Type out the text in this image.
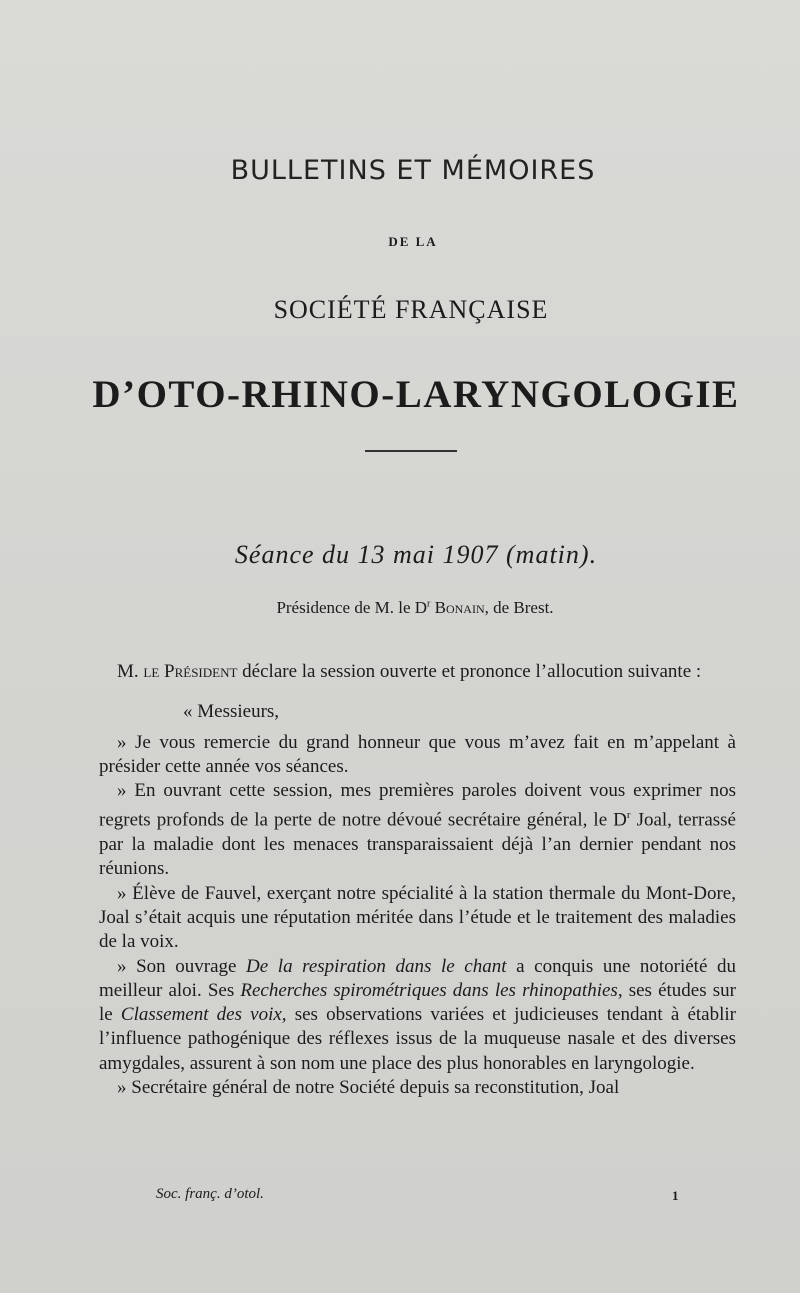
BULLETINS ET MÉMOIRES
DE LA
SOCIÉTÉ FRANÇAISE
D’OTO-RHINO-LARYNGOLOGIE
Séance du 13 mai 1907 (matin).
Présidence de M. le $D^r$ Bonain, de Brest.

M. le Président déclare la session ouverte et prononce l’allocution suivante :

« Messieurs,

» Je vous remercie du grand honneur que vous m’avez fait en m’appelant à présider cette année vos séances.

» En ouvrant cette session, mes premières paroles doivent vous exprimer nos regrets profonds de la perte de notre dévoué secrétaire général, le $D^r$ Joal, terrassé par la maladie dont les menaces transparaissaient déjà l’an dernier pendant nos réunions.

» Élève de Fauvel, exerçant notre spécialité à la station thermale du Mont-Dore, Joal s’était acquis une réputation méritée dans l’étude et le traitement des maladies de la voix.

» Son ouvrage De la respiration dans le chant a conquis une notoriété du meilleur aloi. Ses Recherches spirométriques dans les rhinopathies, ses études sur le Classement des voix, ses observations variées et judicieuses tendant à établir l’influence pathogénique des réflexes issus de la muqueuse nasale et des diverses amygdales, assurent à son nom une place des plus honorables en laryngologie.

» Secrétaire général de notre Société depuis sa reconstitution, Joal

Soc. franç. d’otol.	1
